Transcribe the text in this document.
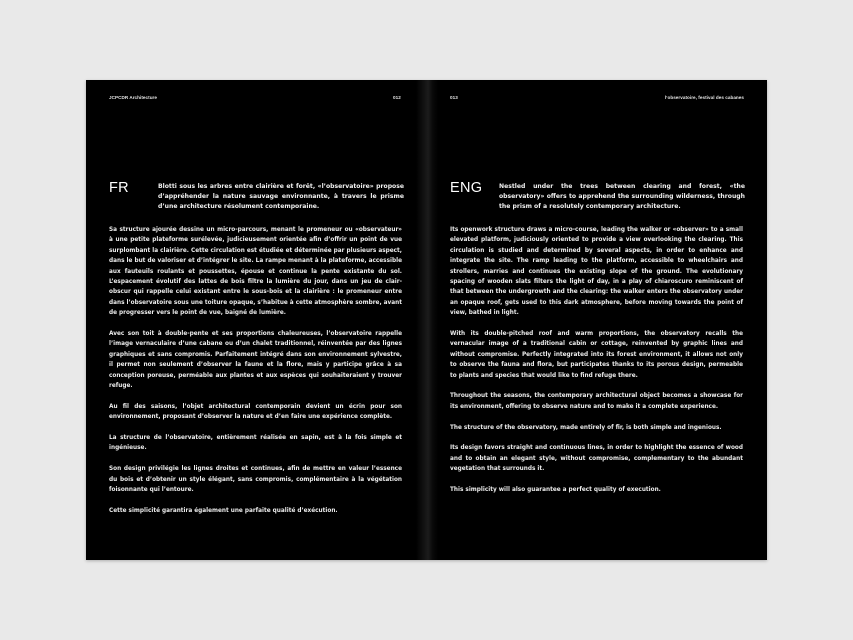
JCPCDR Architecture	012
FR	Blotti sous les arbres entre clairière et forêt, «l’observatoire» propose d’appréhender la nature sauvage environnante, à travers le prisme d’une architecture résolument contemporaine.

Sa structure ajourée dessine un micro-parcours, menant le promeneur ou «observateur» à une petite plateforme surélevée, judicieusement orientée afin d’offrir un point de vue surplombant la clairière. Cette circulation est étudiée et déterminée par plusieurs aspect, dans le but de valoriser et d’intégrer le site. La rampe menant à la plateforme, accessible aux fauteuils roulants et poussettes, épouse et continue la pente existante du sol. L’espacement évolutif des lattes de bois filtre la lumière du jour, dans un jeu de clair-obscur qui rappelle celui existant entre le sous-bois et la clairière : le promeneur entre dans l’observatoire sous une toiture opaque, s’habitue à cette atmosphère sombre, avant de progresser vers le point de vue, baigné de lumière.

Avec son toit à double-pente et ses proportions chaleureuses, l’observatoire rappelle l’image vernaculaire d’une cabane ou d’un chalet traditionnel, réinventée par des lignes graphiques et sans compromis. Parfaitement intégré dans son environnement sylvestre, il permet non seulement d’observer la faune et la flore, mais y participe grâce à sa conception poreuse, perméable aux plantes et aux espèces qui souhaiteraient y trouver refuge.

Au fil des saisons, l’objet architectural contemporain devient un écrin pour son environnement, proposant d’observer la nature et d’en faire une expérience complète.

La structure de l’observatoire, entièrement réalisée en sapin, est à la fois simple et ingénieuse.

Son design privilégie les lignes droites et continues, afin de mettre en valeur l’essence du bois et d’obtenir un style élégant, sans compromis, complémentaire à la végétation foisonnante qui l’entoure.

Cette simplicité garantira également une parfaite qualité d’exécution.

013	l’observatoire, festival des cabanes
ENG	Nestled under the trees between clearing and forest, «the observatory» offers to apprehend the surrounding wilderness, through the prism of a resolutely contemporary architecture.

Its openwork structure draws a micro-course, leading the walker or «observer» to a small elevated platform, judiciously oriented to provide a view overlooking the clearing. This circulation is studied and determined by several aspects, in order to enhance and integrate the site. The ramp leading to the platform, accessible to wheelchairs and strollers, marries and continues the existing slope of the ground. The evolutionary spacing of wooden slats filters the light of day, in a play of chiaroscuro reminiscent of that between the undergrowth and the clearing: the walker enters the observatory under an opaque roof, gets used to this dark atmosphere, before moving towards the point of view, bathed in light.

With its double-pitched roof and warm proportions, the observatory recalls the vernacular image of a traditional cabin or cottage, reinvented by graphic lines and without compromise. Perfectly integrated into its forest environment, it allows not only to observe the fauna and flora, but participates thanks to its porous design, permeable to plants and species that would like to find refuge there.

Throughout the seasons, the contemporary architectural object becomes a showcase for its environment, offering to observe nature and to make it a complete experience.

The structure of the observatory, made entirely of fir, is both simple and ingenious.

Its design favors straight and continuous lines, in order to highlight the essence of wood and to obtain an elegant style, without compromise, complementary to the abundant vegetation that surrounds it.

This simplicity will also guarantee a perfect quality of execution.
